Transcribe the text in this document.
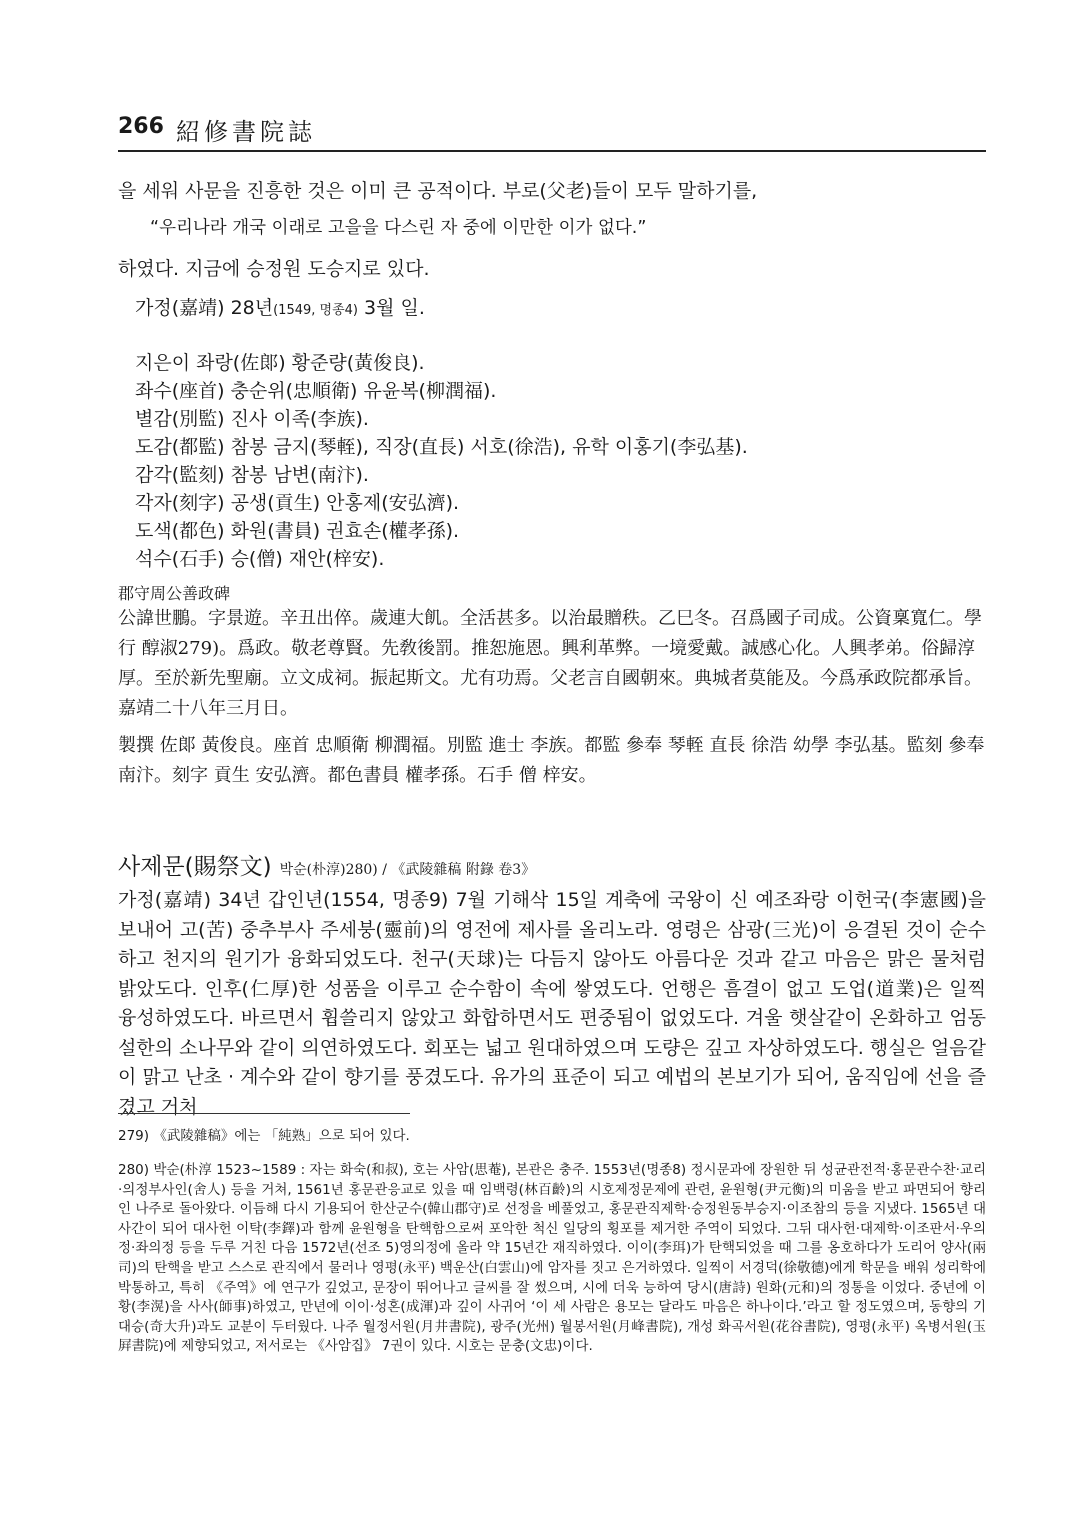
266 紹修書院誌
을 세워 사문을 진흥한 것은 이미 큰 공적이다. 부로(父老)들이 모두 말하기를,
“우리나라 개국 이래로 고을을 다스린 자 중에 이만한 이가 없다.”
하였다. 지금에 승정원 도승지로 있다.
가정(嘉靖) 28년(1549, 명종4) 3월 일.
지은이 좌랑(佐郞) 황준량(黃俊良).
좌수(座首) 충순위(忠順衛) 유윤복(柳潤福).
별감(別監) 진사 이족(李族).
도감(都監) 참봉 금지(琴輊), 직장(直長) 서호(徐浩), 유학 이홍기(李弘基).
감각(監刻) 참봉 남변(南汴).
각자(刻字) 공생(貢生) 안홍제(安弘濟).
도색(都色) 화원(書員) 권효손(權孝孫).
석수(石手) 승(僧) 재안(梓安).
郡守周公善政碑
公諱世鵬。字景遊。辛丑出倅。歲連大飢。全活甚多。以治最贈秩。乙巳冬。召爲國子司成。公資稟寬仁。學行 醇淑279)。爲政。敬老尊賢。先敎後罰。推恕施恩。興利革弊。一境愛戴。誠感心化。人興孝弟。俗歸淳厚。至於新先聖廟。立文成祠。振起斯文。尤有功焉。父老言自國朝來。典城者莫能及。今爲承政院都承旨。嘉靖二十八年三月日。
製撰 佐郞 黃俊良。座首 忠順衛 柳潤福。別監 進士 李族。都監 參奉 琴輊 直長 徐浩 幼學 李弘基。監刻 參奉 南汴。刻字 貢生 安弘濟。都色書員 權孝孫。石手 僧 梓安。
사제문(賜祭文) 박순(朴淳)280) / 《武陵雜稿 附錄 卷3》
가정(嘉靖) 34년 갑인년(1554, 명종9) 7월 기해삭 15일 계축에 국왕이 신 예조좌랑 이헌국(李憲國)을 보내어 고(苦) 중추부사 주세붕(靈前)의 영전에 제사를 올리노라. 영령은 삼광(三光)이 응결된 것이 순수하고 천지의 원기가 융화되었도다. 천구(天球)는 다듬지 않아도 아름다운 것과 같고 마음은 맑은 물처럼 밝았도다. 인후(仁厚)한 성품을 이루고 순수함이 속에 쌓였도다. 언행은 흠결이 없고 도업(道業)은 일찍 융성하였도다. 바르면서 휩쓸리지 않았고 화합하면서도 편중됨이 없었도다. 겨울 햇살같이 온화하고 엄동설한의 소나무와 같이 의연하였도다. 회포는 넓고 원대하였으며 도량은 깊고 자상하였도다. 행실은 얼음같이 맑고 난초 · 계수와 같이 향기를 풍겼도다. 유가의 표준이 되고 예법의 본보기가 되어, 움직임에 선을 즐겼고 거처
279) 《武陵雜稿》에는 「純熟」으로 되어 있다.
280) 박순(朴淳 1523~1589 : 자는 화숙(和叔), 호는 사암(思菴), 본관은 충주. 1553년(명종8) 정시문과에 장원한 뒤 성균관전적·홍문관수찬·교리·의정부사인(舍人) 등을 거쳐, 1561년 홍문관응교로 있을 때 임백령(林百齡)의 시호제정문제에 관련, 윤원형(尹元衡)의 미움을 받고 파면되어 향리인 나주로 돌아왔다. 이듬해 다시 기용되어 한산군수(韓山郡守)로 선정을 베풀었고, 홍문관직제학·승정원동부승지·이조참의 등을 지냈다. 1565년 대사간이 되어 대사헌 이탁(李鐸)과 함께 윤원형을 탄핵함으로써 포악한 척신 일당의 횡포를 제거한 주역이 되었다. 그뒤 대사헌·대제학·이조판서·우의정·좌의정 등을 두루 거친 다음 1572년(선조 5)영의정에 올라 약 15년간 재직하였다. 이이(李珥)가 탄핵되었을 때 그를 옹호하다가 도리어 양사(兩司)의 탄핵을 받고 스스로 관직에서 물러나 영평(永平) 백운산(白雲山)에 암자를 짓고 은거하였다. 일찍이 서경덕(徐敬德)에게 학문을 배워 성리학에 박통하고, 특히 《주역》에 연구가 깊었고, 문장이 뛰어나고 글씨를 잘 썼으며, 시에 더욱 능하여 당시(唐詩) 원화(元和)의 정통을 이었다. 중년에 이황(李滉)을 사사(師事)하였고, 만년에 이이·성혼(成渾)과 깊이 사귀어 ‘이 세 사람은 용모는 달라도 마음은 하나이다.’라고 할 정도였으며, 동향의 기대승(奇大升)과도 교분이 두터웠다. 나주 월정서원(月井書院), 광주(光州) 월봉서원(月峰書院), 개성 화곡서원(花谷書院), 영평(永平) 옥병서원(玉屛書院)에 제향되었고, 저서로는 《사암집》 7권이 있다. 시호는 문충(文忠)이다.
